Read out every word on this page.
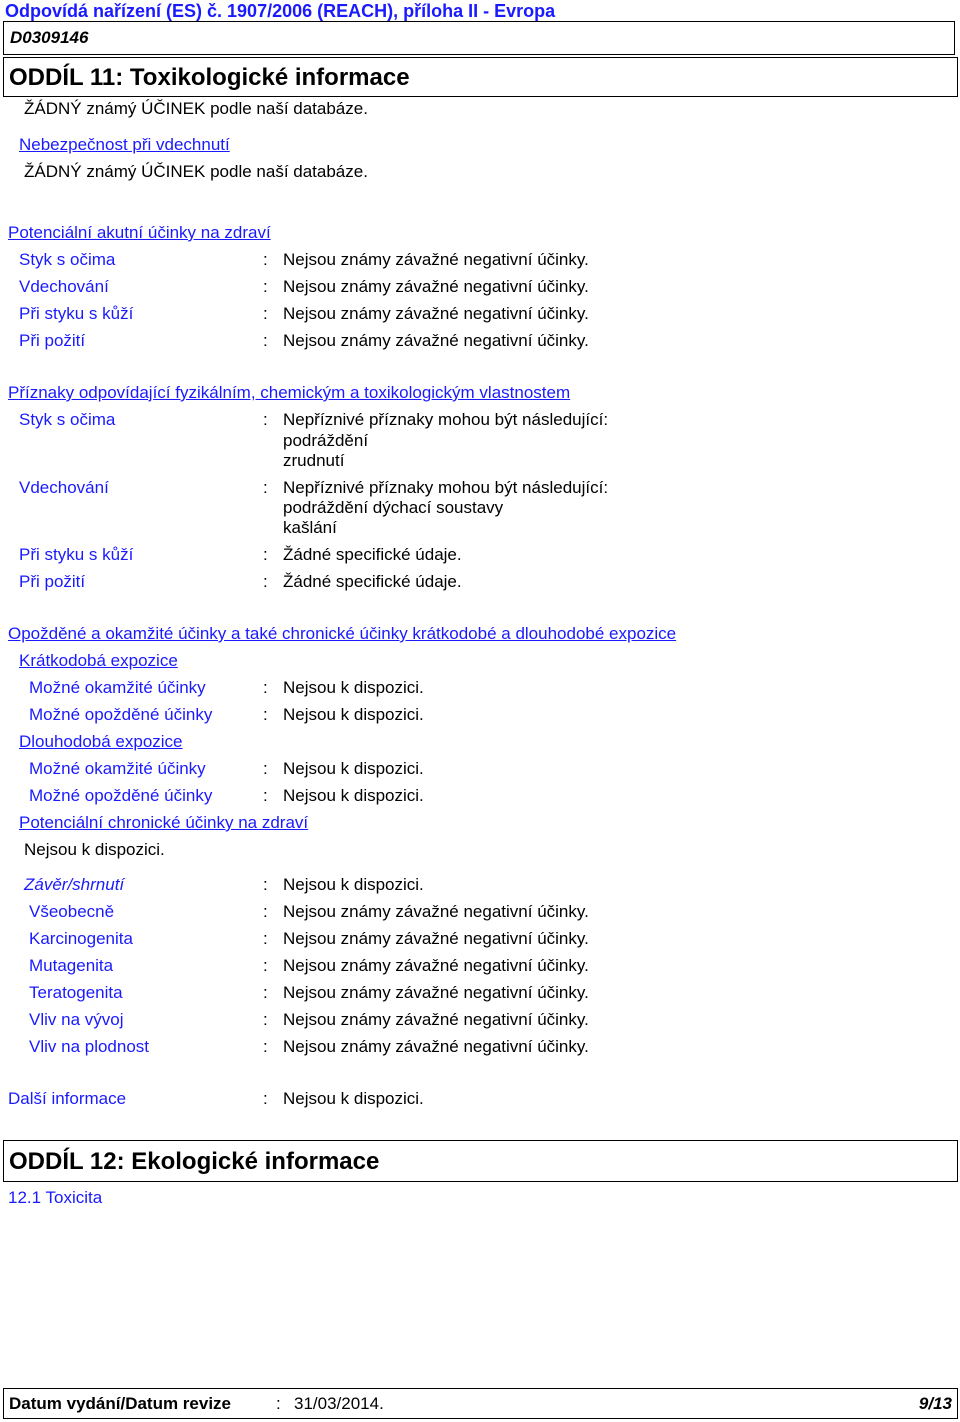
Odpovídá nařízení (ES) č. 1907/2006 (REACH), příloha II - Evropa
D0309146
ODDÍL 11: Toxikologické informace
ŽÁDNÝ známý ÚČINEK podle naší databáze.
Nebezpečnost při vdechnutí
ŽÁDNÝ známý ÚČINEK podle naší databáze.
Potenciální akutní účinky na zdraví
Styk s očima	: Nejsou známy závažné negativní účinky.
Vdechování	: Nejsou známy závažné negativní účinky.
Při styku s kůží	: Nejsou známy závažné negativní účinky.
Při požití	: Nejsou známy závažné negativní účinky.
Příznaky odpovídající fyzikálním, chemickým a toxikologickým vlastnostem
Styk s očima	: Nepříznivé příznaky mohou být následující:
podráždění
zrudnutí
Vdechování	: Nepříznivé příznaky mohou být následující:
podráždění dýchací soustavy
kašlání
Při styku s kůží	: Žádné specifické údaje.
Při požití	: Žádné specifické údaje.
Opožděné a okamžité účinky a také chronické účinky krátkodobé a dlouhodobé expozice
Krátkodobá expozice
Možné okamžité účinky	: Nejsou k dispozici.
Možné opožděné účinky	: Nejsou k dispozici.
Dlouhodobá expozice
Možné okamžité účinky	: Nejsou k dispozici.
Možné opožděné účinky	: Nejsou k dispozici.
Potenciální chronické účinky na zdraví
Nejsou k dispozici.
Závěr/shrnutí	: Nejsou k dispozici.
Všeobecně	: Nejsou známy závažné negativní účinky.
Karcinogenita	: Nejsou známy závažné negativní účinky.
Mutagenita	: Nejsou známy závažné negativní účinky.
Teratogenita	: Nejsou známy závažné negativní účinky.
Vliv na vývoj	: Nejsou známy závažné negativní účinky.
Vliv na plodnost	: Nejsou známy závažné negativní účinky.
Další informace	: Nejsou k dispozici.
ODDÍL 12: Ekologické informace
12.1 Toxicita
Datum vydání/Datum revize	: 31/03/2014.	9/13
